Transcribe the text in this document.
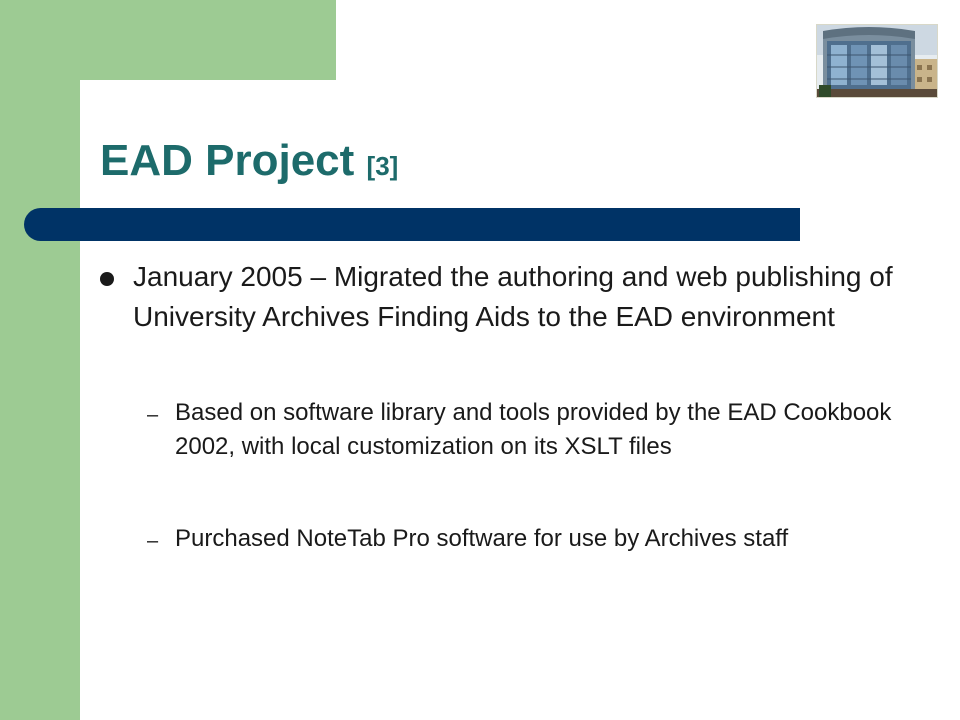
EAD Project [3]

January 2005 – Migrated the authoring and web publishing of University Archives Finding Aids to the EAD environment

– Based on software library and tools provided by the EAD Cookbook 2002, with local customization on its XSLT files

– Purchased NoteTab Pro software for use by Archives staff
